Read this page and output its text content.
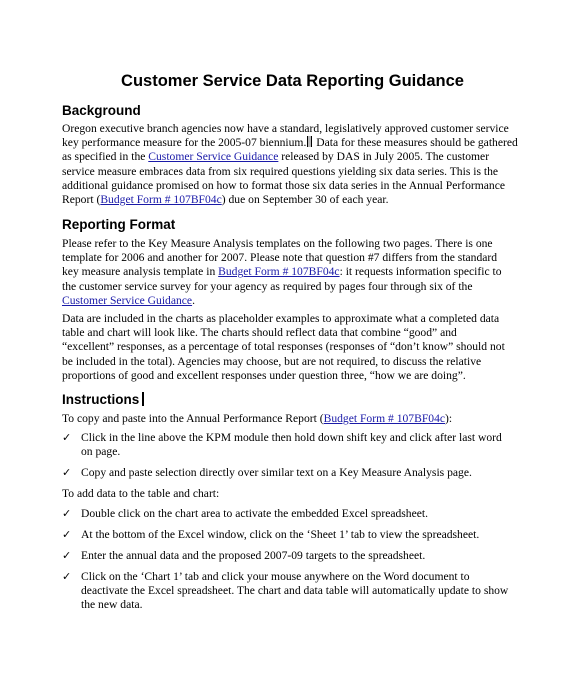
Customer Service Data Reporting Guidance
Background
Oregon executive branch agencies now have a standard, legislatively approved customer service
key performance measure for the 2005-07 biennium. Data for these measures should be gathered
as specified in the Customer Service Guidance released by DAS in July 2005. The customer
service measure embraces data from six required questions yielding six data series. This is the
additional guidance promised on how to format those six data series in the Annual Performance
Report (Budget Form # 107BF04c) due on September 30 of each year.
Reporting Format
Please refer to the Key Measure Analysis templates on the following two pages. There is one
template for 2006 and another for 2007. Please note that question #7 differs from the standard
key measure analysis template in Budget Form # 107BF04c: it requests information specific to
the customer service survey for your agency as required by pages four through six of the
Customer Service Guidance.
Data are included in the charts as placeholder examples to approximate what a completed data
table and chart will look like. The charts should reflect data that combine “good” and
“excellent” responses, as a percentage of total responses (responses of “don’t know” should not
be included in the total). Agencies may choose, but are not required, to discuss the relative
proportions of good and excellent responses under question three, “how we are doing”.
Instructions
To copy and paste into the Annual Performance Report (Budget Form # 107BF04c):
✓ Click in the line above the KPM module then hold down shift key and click after last word
on page.
✓ Copy and paste selection directly over similar text on a Key Measure Analysis page.
To add data to the table and chart:
✓ Double click on the chart area to activate the embedded Excel spreadsheet.
✓ At the bottom of the Excel window, click on the ‘Sheet 1’ tab to view the spreadsheet.
✓ Enter the annual data and the proposed 2007-09 targets to the spreadsheet.
✓ Click on the ‘Chart 1’ tab and click your mouse anywhere on the Word document to
deactivate the Excel spreadsheet. The chart and data table will automatically update to show
the new data.
